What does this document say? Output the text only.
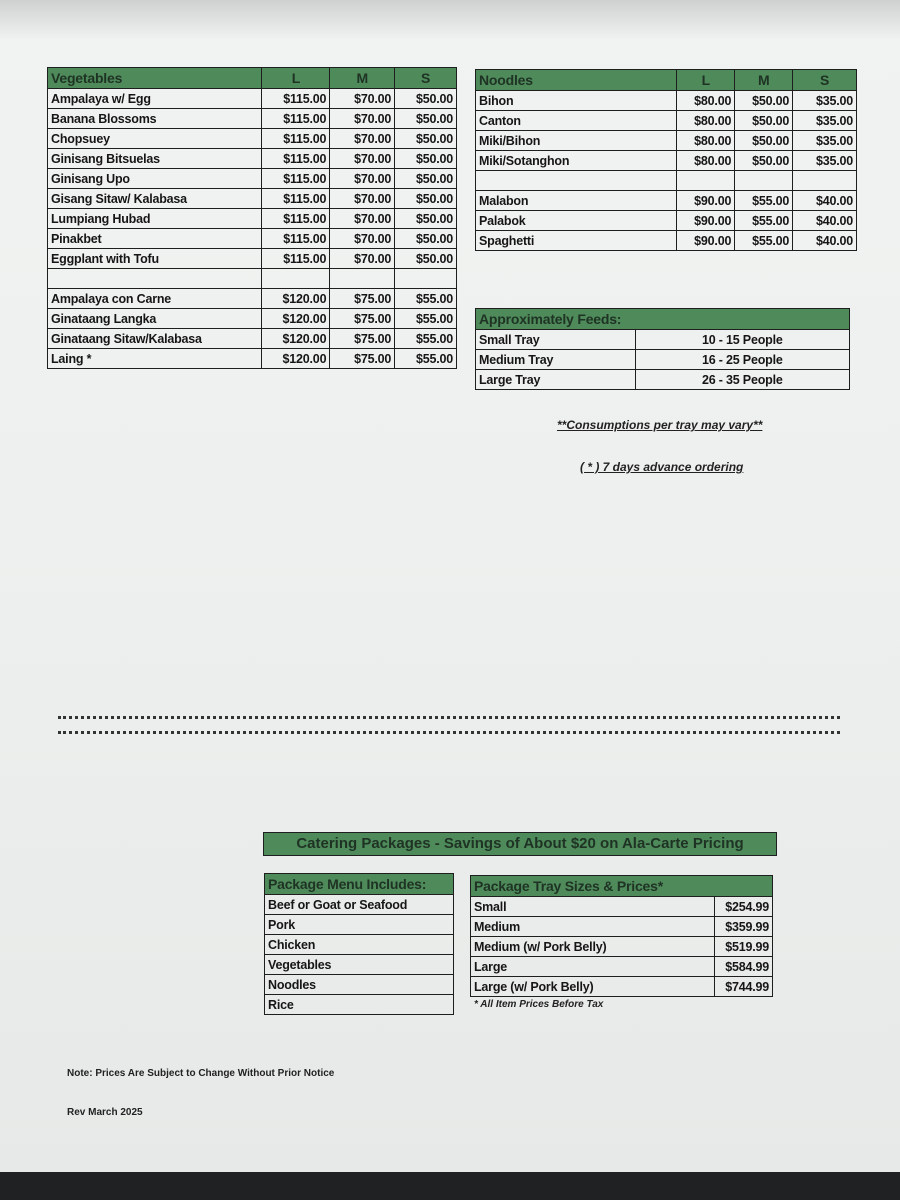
Vegetables	L	M	S
Ampalaya w/ Egg	$115.00	$70.00	$50.00
Banana Blossoms	$115.00	$70.00	$50.00
Chopsuey	$115.00	$70.00	$50.00
Ginisang Bitsuelas	$115.00	$70.00	$50.00
Ginisang Upo	$115.00	$70.00	$50.00
Gisang Sitaw/ Kalabasa	$115.00	$70.00	$50.00
Lumpiang Hubad	$115.00	$70.00	$50.00
Pinakbet	$115.00	$70.00	$50.00
Eggplant with Tofu	$115.00	$70.00	$50.00

Ampalaya con Carne	$120.00	$75.00	$55.00
Ginataang Langka	$120.00	$75.00	$55.00
Ginataang Sitaw/Kalabasa	$120.00	$75.00	$55.00
Laing *	$120.00	$75.00	$55.00
Noodles	L	M	S
Bihon	$80.00	$50.00	$35.00
Canton	$80.00	$50.00	$35.00
Miki/Bihon	$80.00	$50.00	$35.00
Miki/Sotanghon	$80.00	$50.00	$35.00

Malabon	$90.00	$55.00	$40.00
Palabok	$90.00	$55.00	$40.00
Spaghetti	$90.00	$55.00	$40.00
Approximately Feeds:	
Small Tray	10 - 15 People
Medium Tray	16 - 25 People
Large Tray	26 - 35 People
**Consumptions per tray may vary**
( * ) 7 days advance ordering
Catering Packages - Savings of About $20 on Ala-Carte Pricing
Package Menu Includes:
Beef or Goat or Seafood
Pork
Chicken
Vegetables
Noodles
Rice
Package Tray Sizes & Prices*	
Small	$254.99
Medium	$359.99
Medium (w/ Pork Belly)	$519.99
Large	$584.99
Large (w/ Pork Belly)	$744.99
* All Item Prices Before Tax
Note: Prices Are Subject to Change Without Prior Notice
Rev March 2025
